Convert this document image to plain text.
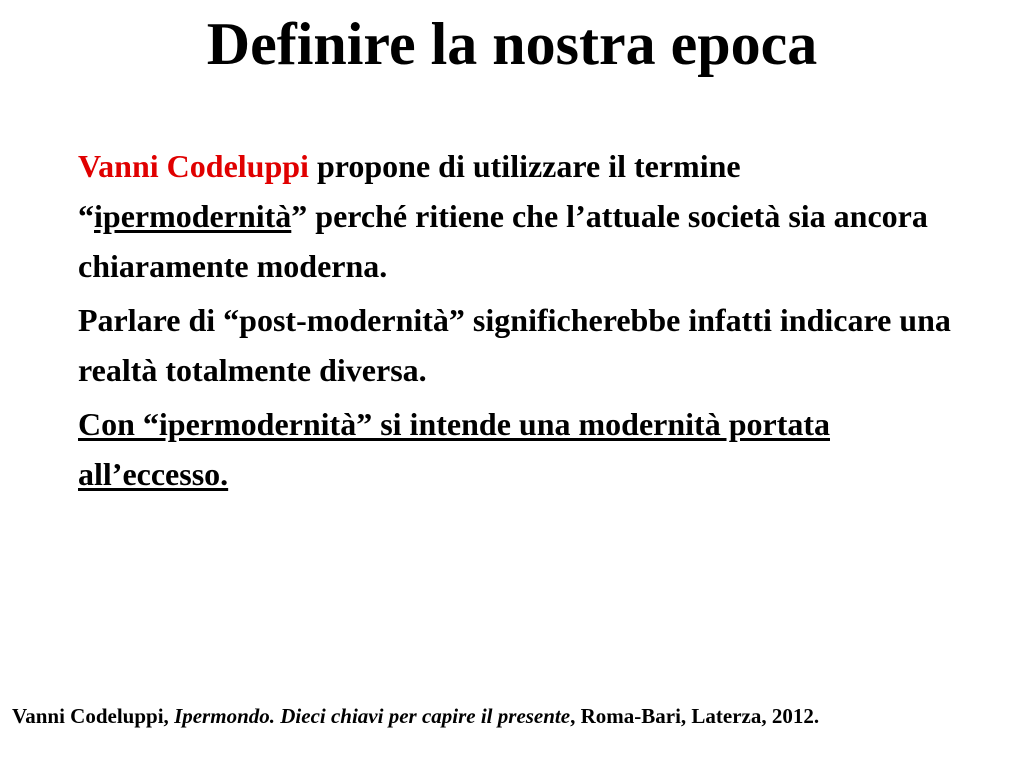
Definire la nostra epoca

Vanni Codeluppi propone di utilizzare il termine “ipermodernità” perché ritiene che l’attuale società sia ancora chiaramente moderna.

Parlare di “post-modernità” significherebbe infatti indicare una realtà totalmente diversa.

Con “ipermodernità” si intende una modernità portata all’eccesso.

Vanni Codeluppi, Ipermondo. Dieci chiavi per capire il presente, Roma-Bari, Laterza, 2012.
